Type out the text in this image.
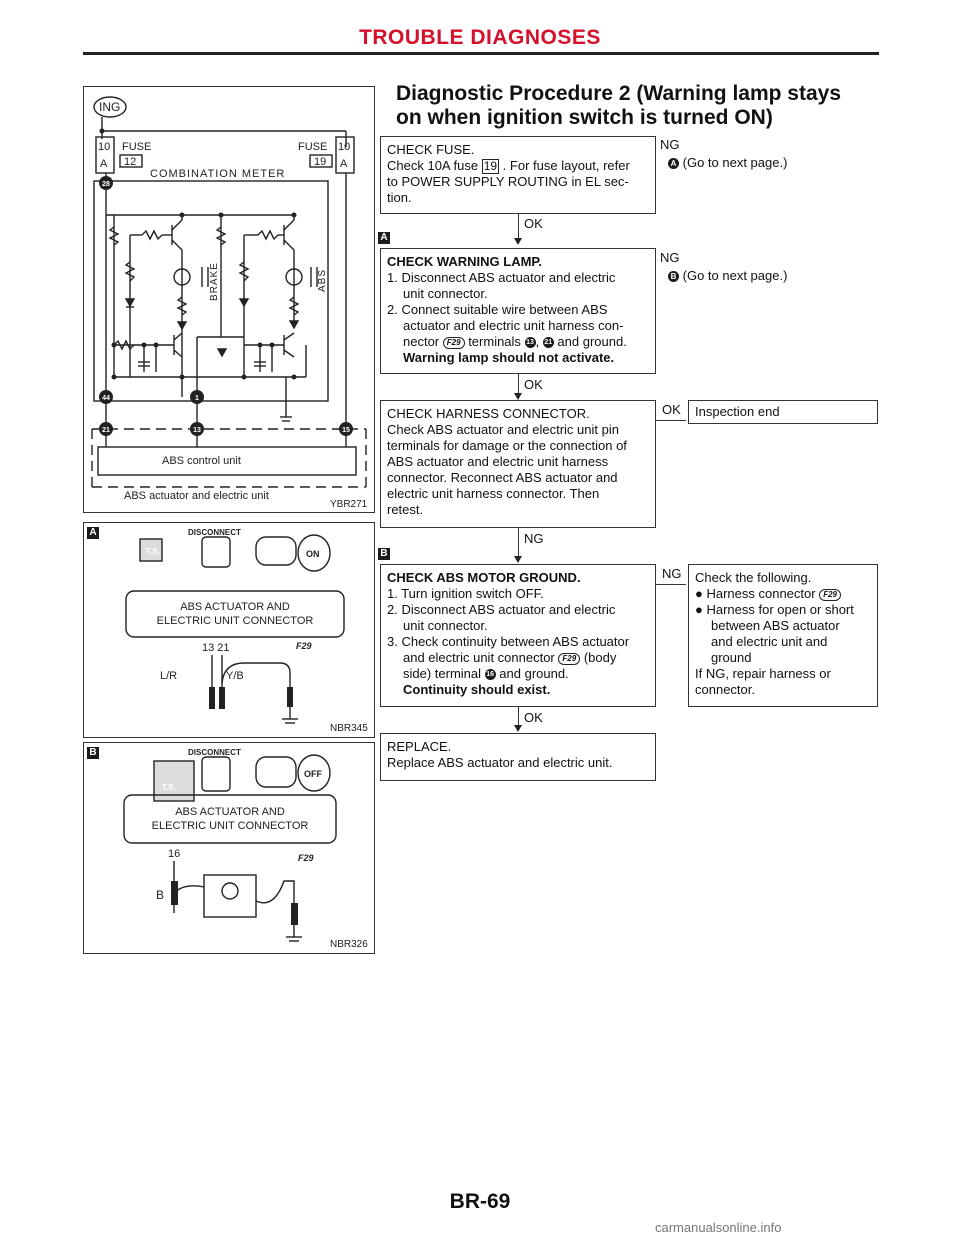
TROUBLE DIAGNOSES
Diagnostic Procedure 2 (Warning lamp stays
on when ignition switch is turned ON)
ING
10
A
FUSE
12
FUSE
19
10
A
COMBINATION METER
BRAKE	ABS
ABS control unit
ABS actuator and electric unit
YBR271
28
44	1
21	13	15
A
T.S.
DISCONNECT
ON
ABS ACTUATOR AND
ELECTRIC UNIT CONNECTOR
13 21	F29
L/R	Y/B
NBR345
B
T.S.
DISCONNECT
OFF
ABS ACTUATOR AND
ELECTRIC UNIT CONNECTOR
16	F29
B
NBR326
CHECK FUSE.
Check 10A fuse 19 . For fuse layout, refer
to POWER SUPPLY ROUTING in EL sec-
tion.
NG
A (Go to next page.)
OK
A
CHECK WARNING LAMP.
1. Disconnect ABS actuator and electric
unit connector.
2. Connect suitable wire between ABS
actuator and electric unit harness con-
nector F29 terminals 13 , 21 and ground.
Warning lamp should not activate.
NG
B (Go to next page.)
OK
CHECK HARNESS CONNECTOR.
Check ABS actuator and electric unit pin
terminals for damage or the connection of
ABS actuator and electric unit harness
connector. Reconnect ABS actuator and
electric unit harness connector. Then
retest.
OK	Inspection end
NG
B
CHECK ABS MOTOR GROUND.
1. Turn ignition switch OFF.
2. Disconnect ABS actuator and electric
unit connector.
3. Check continuity between ABS actuator
and electric unit connector F29 (body
side) terminal 16 and ground.
Continuity should exist.
NG Check the following.
● Harness connector F29
● Harness for open or short
between ABS actuator
and electric unit and
ground
If NG, repair harness or
connector.
OK
REPLACE.
Replace ABS actuator and electric unit.
BR-69
carmanualsonline.info
